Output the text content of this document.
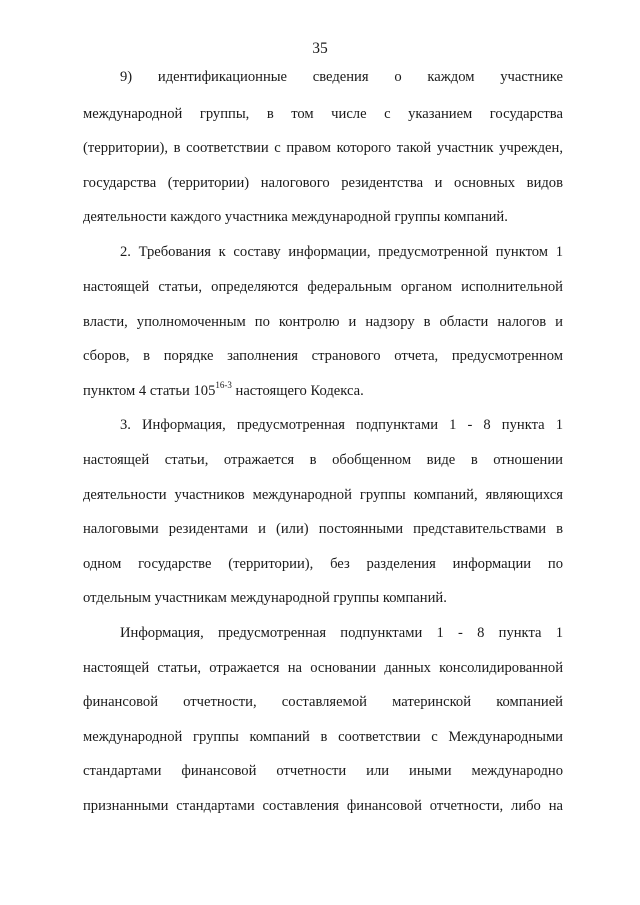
35
9) идентификационные сведения о каждом участнике
международной группы, в том числе с указанием государства
(территории), в соответствии с правом которого такой участник учрежден,
государства (территории) налогового резидентства и основных видов
деятельности каждого участника международной группы компаний.
2. Требования к составу информации, предусмотренной пунктом 1
настоящей статьи, определяются федеральным органом исполнительной
власти, уполномоченным по контролю и надзору в области налогов и
сборов, в порядке заполнения странового отчета, предусмотренном
пунктом 4 статьи 105$^{16-3}$ настоящего Кодекса.
3. Информация, предусмотренная подпунктами 1 - 8 пункта 1
настоящей статьи, отражается в обобщенном виде в отношении
деятельности участников международной группы компаний, являющихся
налоговыми резидентами и (или) постоянными представительствами в
одном государстве (территории), без разделения информации по
отдельным участникам международной группы компаний.
Информация, предусмотренная подпунктами 1 - 8 пункта 1
настоящей статьи, отражается на основании данных консолидированной
финансовой отчетности, составляемой материнской компанией
международной группы компаний в соответствии с Международными
стандартами финансовой отчетности или иными международно
признанными стандартами составления финансовой отчетности, либо на
